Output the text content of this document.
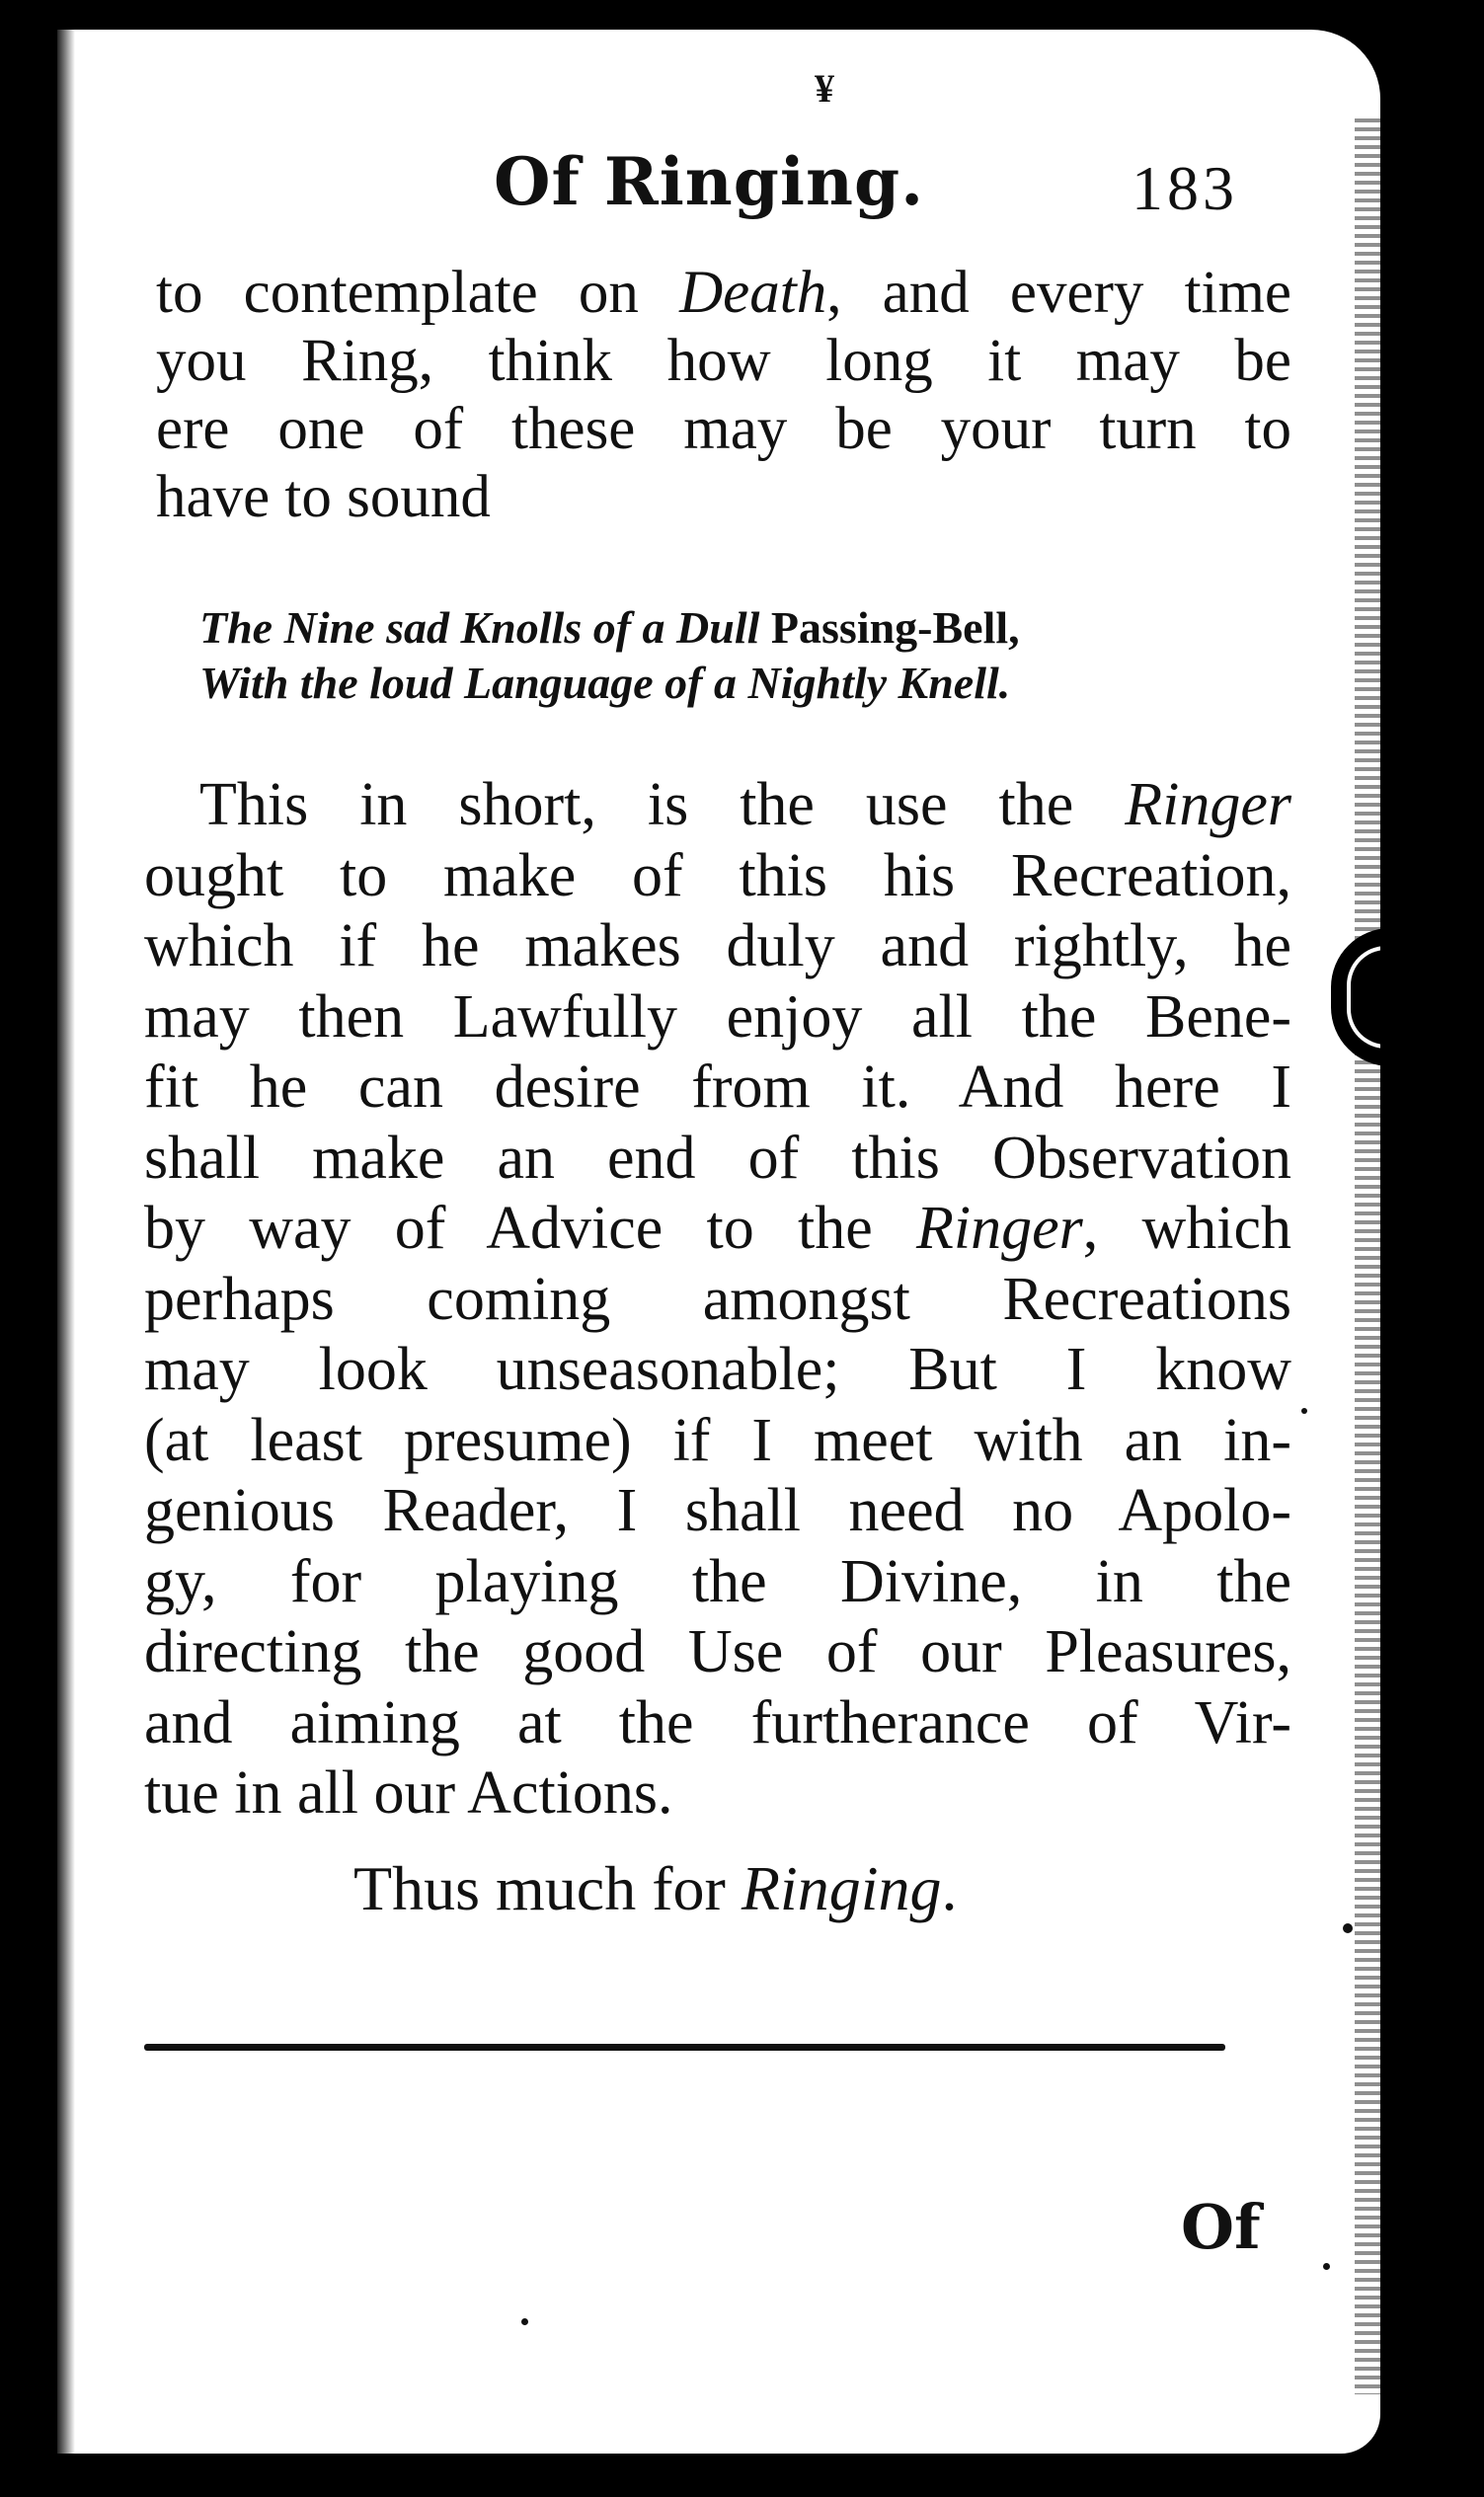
¥
Of Ringing.	183
to contemplate on Death, and every time
you Ring, think how long it may be
ere one of these may be your turn to
have to sound
The Nine sad Knolls of a Dull Passing-Bell,
With the loud Language of a Nightly Knell.
This in short, is the use the Ringer
ought to make of this his Recreation,
which if he makes duly and rightly, he
may then Lawfully enjoy all the Bene-
fit he can desire from it. And here I
shall make an end of this Observation
by way of Advice to the Ringer, which
perhaps coming amongst Recreations
may look unseasonable; But I know
(at least presume) if I meet with an in-
genious Reader, I shall need no Apolo-
gy, for playing the Divine, in the
directing the good Use of our Pleasures,
and aiming at the furtherance of Vir-
tue in all our Actions.
Thus much for Ringing.
Of
